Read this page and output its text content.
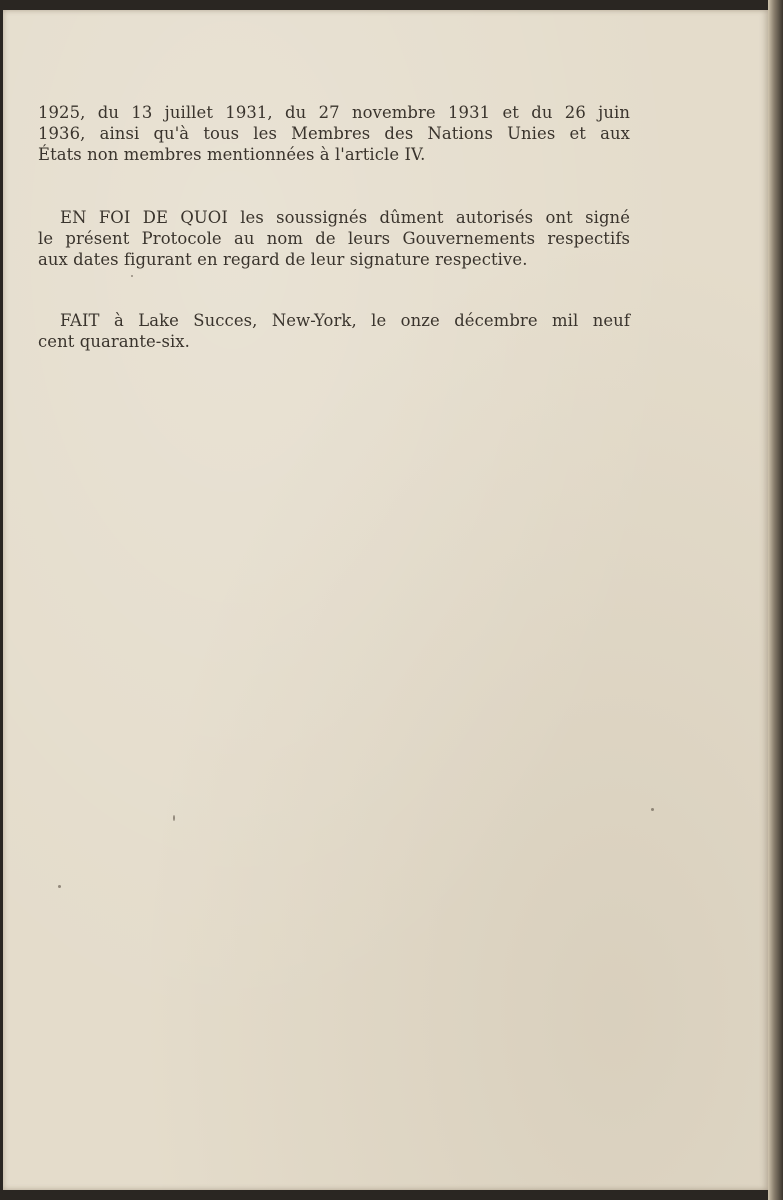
1925, du 13 juillet 1931, du 27 novembre 1931 et du 26 juin
1936, ainsi qu'à tous les Membres des Nations Unies et aux
États non membres mentionnées à l'article IV.
EN FOI DE QUOI les soussignés dûment autorisés ont signé
le présent Protocole au nom de leurs Gouvernements respectifs
aux dates figurant en regard de leur signature respective.
FAIT à Lake Succes, New-York, le onze décembre mil neuf
cent quarante-six.
